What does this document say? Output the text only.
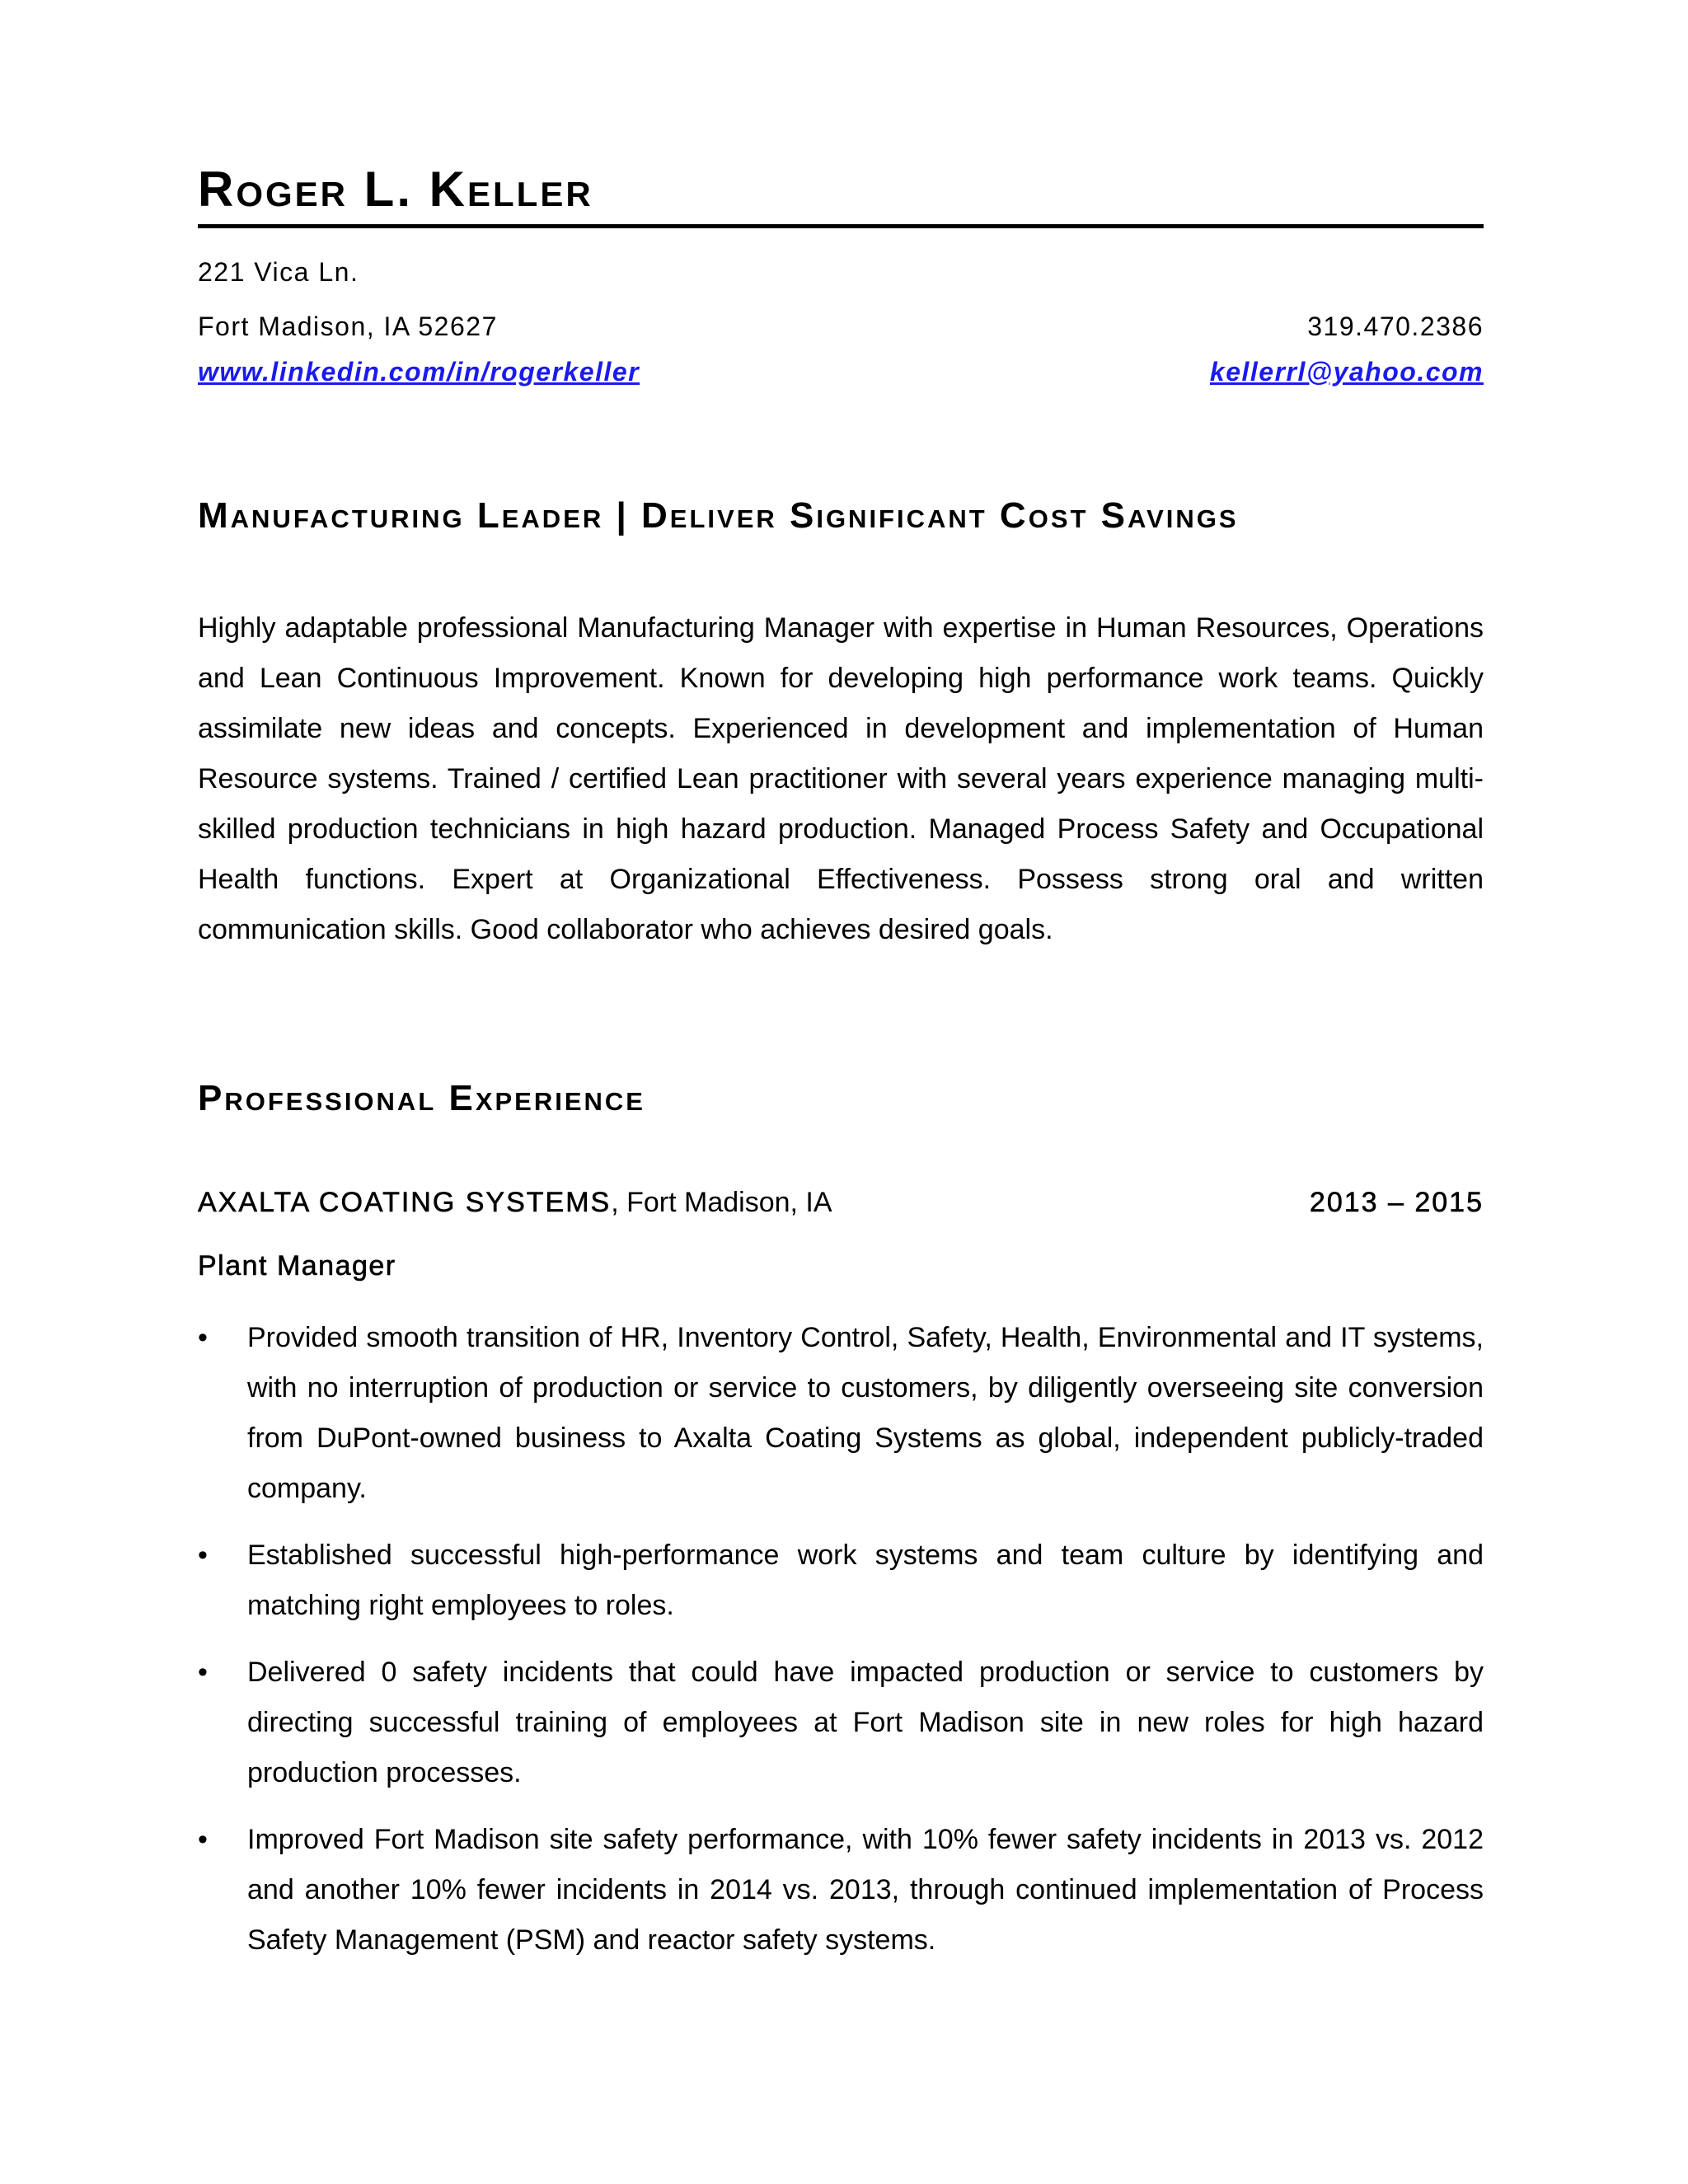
Roger L. Keller
221 Vica Ln.
Fort Madison, IA 52627	319.470.2386
www.linkedin.com/in/rogerkeller	kellerrl@yahoo.com
Manufacturing Leader | Deliver Significant Cost Savings

Highly adaptable professional Manufacturing Manager with expertise in Human Resources, Operations and Lean Continuous Improvement. Known for developing high performance work teams. Quickly assimilate new ideas and concepts. Experienced in development and implementation of Human Resource systems. Trained / certified Lean practitioner with several years experience managing multi-skilled production technicians in high hazard production. Managed Process Safety and Occupational Health functions. Expert at Organizational Effectiveness. Possess strong oral and written communication skills. Good collaborator who achieves desired goals.

Professional Experience
AXALTA COATING SYSTEMS, Fort Madison, IA	2013 – 2015
Plant Manager
• Provided smooth transition of HR, Inventory Control, Safety, Health, Environmental and IT systems, with no interruption of production or service to customers, by diligently overseeing site conversion from DuPont-owned business to Axalta Coating Systems as global, independent publicly-traded company.
• Established successful high-performance work systems and team culture by identifying and matching right employees to roles.
• Delivered 0 safety incidents that could have impacted production or service to customers by directing successful training of employees at Fort Madison site in new roles for high hazard production processes.
• Improved Fort Madison site safety performance, with 10% fewer safety incidents in 2013 vs. 2012 and another 10% fewer incidents in 2014 vs. 2013, through continued implementation of Process Safety Management (PSM) and reactor safety systems.
